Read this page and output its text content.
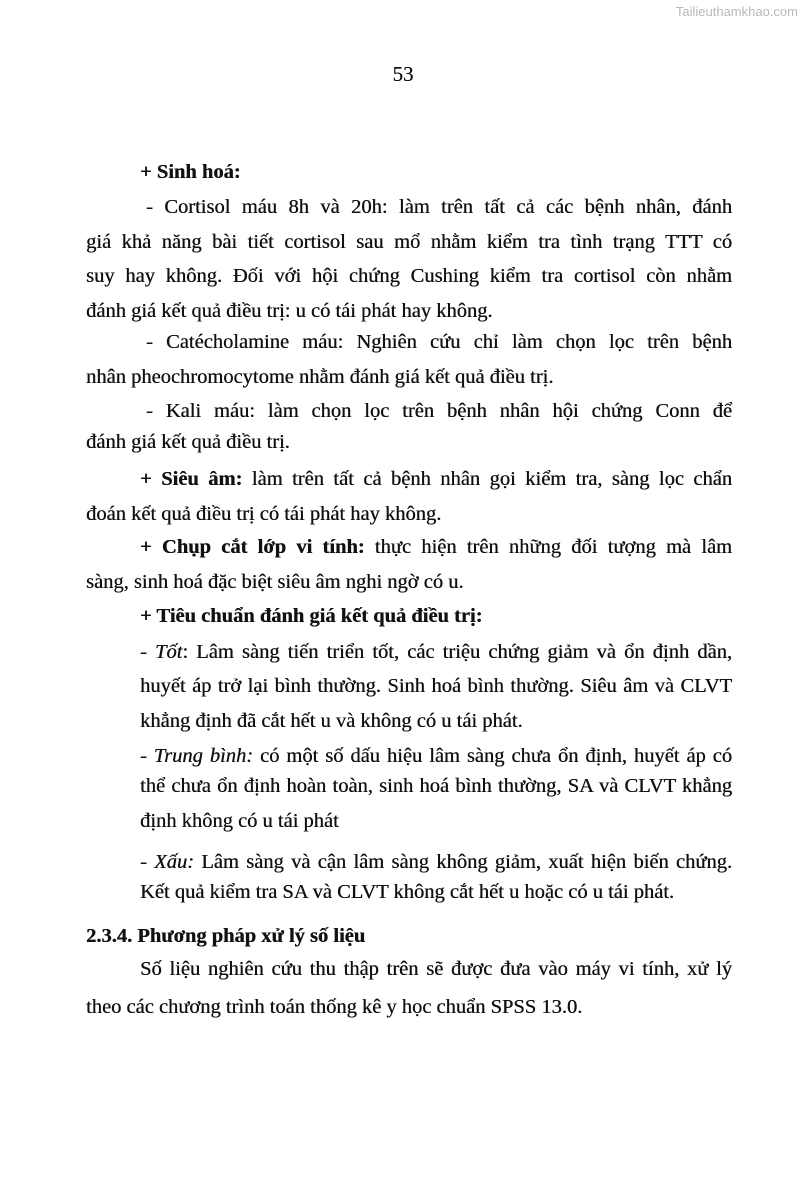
Tailieuthamkhao.com
53
+ Sinh hoá:
- Cortisol máu 8h và 20h: làm trên tất cả các bệnh nhân, đánh
giá khả năng bài tiết cortisol sau mổ nhằm kiểm tra tình trạng TTT có
suy hay không. Đối với hội chứng Cushing kiểm tra cortisol còn nhằm
đánh giá kết quả điều trị: u có tái phát hay không.
- Catécholamine máu: Nghiên cứu chỉ làm chọn lọc trên bệnh
nhân pheochromocytome nhằm đánh giá kết quả điều trị.
- Kali máu: làm chọn lọc trên bệnh nhân hội chứng Conn để
đánh giá kết quả điều trị.
+ Siêu âm: làm trên tất cả bệnh nhân gọi kiểm tra, sàng lọc chẩn
đoán kết quả điều trị có tái phát hay không.
+ Chụp cắt lớp vi tính: thực hiện trên những đối tượng mà lâm
sàng, sinh hoá đặc biệt siêu âm nghi ngờ có u.
+ Tiêu chuẩn đánh giá kết quả điều trị:
- Tốt: Lâm sàng tiến triển tốt, các triệu chứng giảm và ổn định dần,
huyết áp trở lại bình thường. Sinh hoá bình thường. Siêu âm và CLVT
khẳng định đã cắt hết u và không có u tái phát.
- Trung bình: có một số dấu hiệu lâm sàng chưa ổn định, huyết áp có
thể chưa ổn định hoàn toàn, sinh hoá bình thường, SA và CLVT khẳng
định không có u tái phát
- Xấu: Lâm sàng và cận lâm sàng không giảm, xuất hiện biến chứng.
Kết quả kiểm tra SA và CLVT không cắt hết u hoặc có u tái phát.
2.3.4. Phương pháp xử lý số liệu
Số liệu nghiên cứu thu thập trên sẽ được đưa vào máy vi tính, xử lý
theo các chương trình toán thống kê y học chuẩn SPSS 13.0.
